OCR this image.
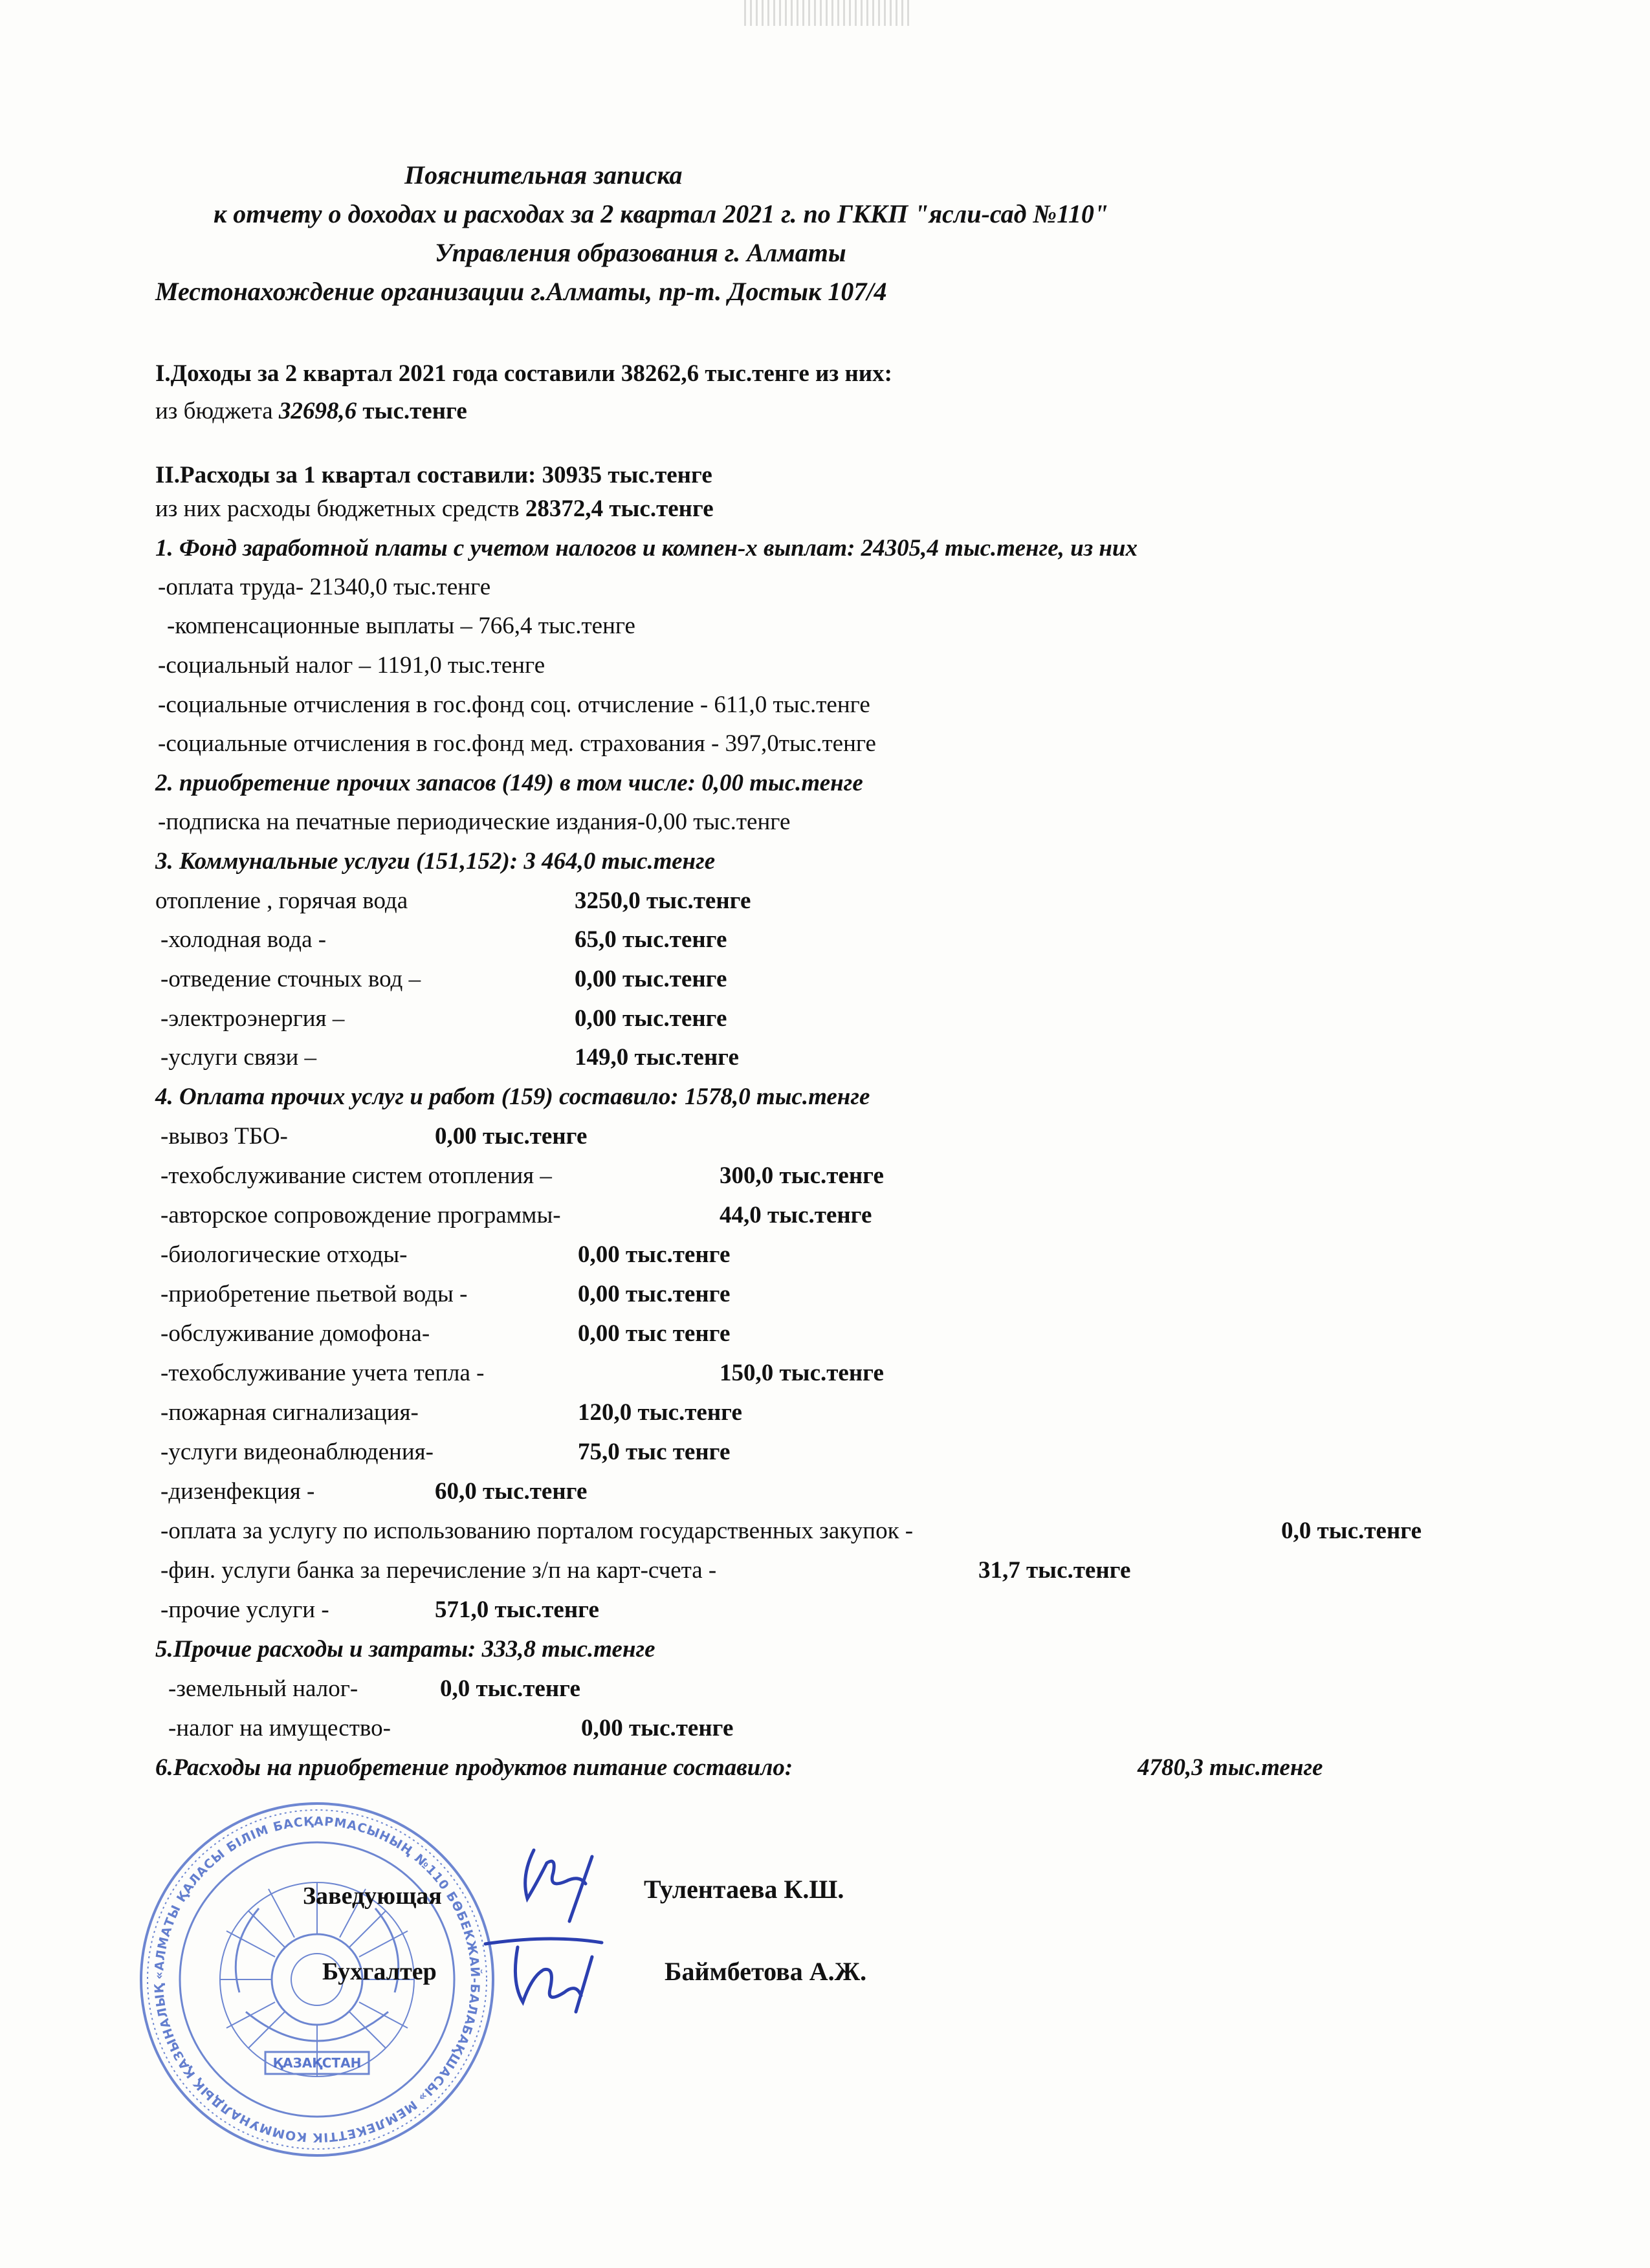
Пояснительная записка
к отчету о доходах и расходах за 2 квартал 2021 г. по ГККП "ясли-сад №110"
Управления образования г. Алматы
Местонахождение организации г.Алматы, пр-т. Достык 107/4
I.Доходы за 2 квартал 2021 года составили 38262,6 тыс.тенге из них:
из бюджета 32698,6 тыс.тенге
II.Расходы за 1 квартал составили: 30935 тыс.тенге
из них расходы бюджетных средств 28372,4 тыс.тенге
1. Фонд заработной платы с учетом налогов и компен-х выплат: 24305,4 тыс.тенге, из них
-оплата труда- 21340,0 тыс.тенге
-компенсационные выплаты – 766,4 тыс.тенге
-социальный налог – 1191,0 тыс.тенге
-социальные отчисления в гос.фонд соц. отчисление - 611,0 тыс.тенге
-социальные отчисления в гос.фонд мед. страхования - 397,0тыс.тенге
2. приобретение прочих запасов (149) в том числе: 0,00 тыс.тенге
-подписка на печатные периодические издания-0,00 тыс.тенге
3. Коммунальные услуги (151,152): 3 464,0 тыс.тенге
отопление , горячая вода	3250,0 тыс.тенге
-холодная вода -	65,0 тыс.тенге
-отведение сточных вод –	0,00 тыс.тенге
-электроэнергия –	0,00 тыс.тенге
-услуги связи –	149,0 тыс.тенге
4. Оплата прочих услуг и работ (159) составило: 1578,0 тыс.тенге
-вывоз ТБО-	0,00 тыс.тенге
-техобслуживание систем отопления –	300,0 тыс.тенге
-авторское сопровождение программы-	44,0 тыс.тенге
-биологические отходы-	0,00 тыс.тенге
-приобретение пьетвой воды -	0,00 тыс.тенге
-обслуживание домофона-	0,00 тыс тенге
-техобслуживание учета тепла -	150,0 тыс.тенге
-пожарная сигнализация-	120,0 тыс.тенге
-услуги видеонаблюдения-	75,0 тыс тенге
-дизенфекция -	60,0 тыс.тенге
-оплата за услугу по использованию порталом государственных закупок -	0,0 тыс.тенге
-фин. услуги банка за перечисление з/п на карт-счета -	31,7 тыс.тенге
-прочие услуги -	571,0 тыс.тенге
5.Прочие расходы и затраты: 333,8 тыс.тенге
-земельный налог-	0,0 тыс.тенге
-налог на имущество-	0,00 тыс.тенге
6.Расходы на приобретение продуктов питание составило:	4780,3 тыс.тенге
«АЛМАТЫ ҚАЛАСЫ БІЛІМ БАСҚАРМАСЫНЫҢ №110 БӨБЕКЖАЙ-БАЛАБАҚШАСЫ» МЕМЛЕКЕТТІК КОММУНАЛДЫҚ ҚАЗЫНАЛЫҚ
ҚАЗАҚСТАН
Заведующая	Тулентаева К.Ш.
Бухгалтер	Баймбетова А.Ж.
